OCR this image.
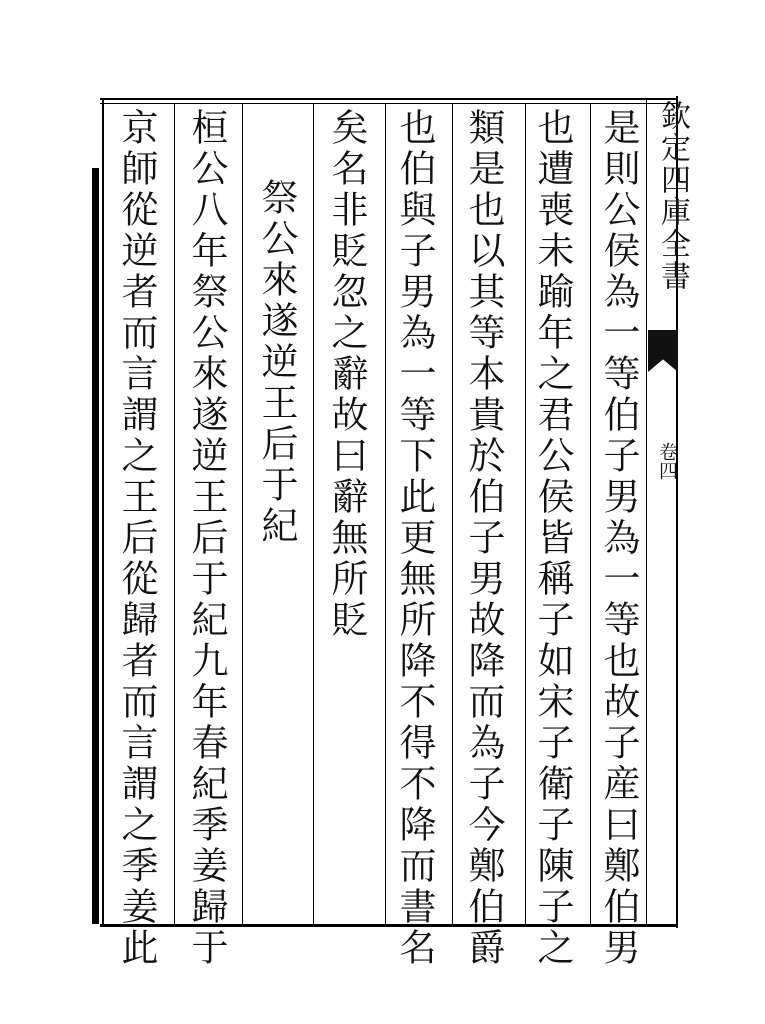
欽定四庫全書
卷四
是則公侯為一等伯子男為一等也故子産曰鄭伯男
也遭喪未踰年之君公侯皆稱子如宋子衛子陳子之
類是也以其等本貴於伯子男故降而為子今鄭伯爵
也伯與子男為一等下此更無所降不得不降而書名
矣名非貶忽之辭故曰辭無所貶
祭公來遂逆王后于紀
桓公八年祭公來遂逆王后于紀九年春紀季姜歸于
京師從逆者而言謂之王后從歸者而言謂之季姜此
